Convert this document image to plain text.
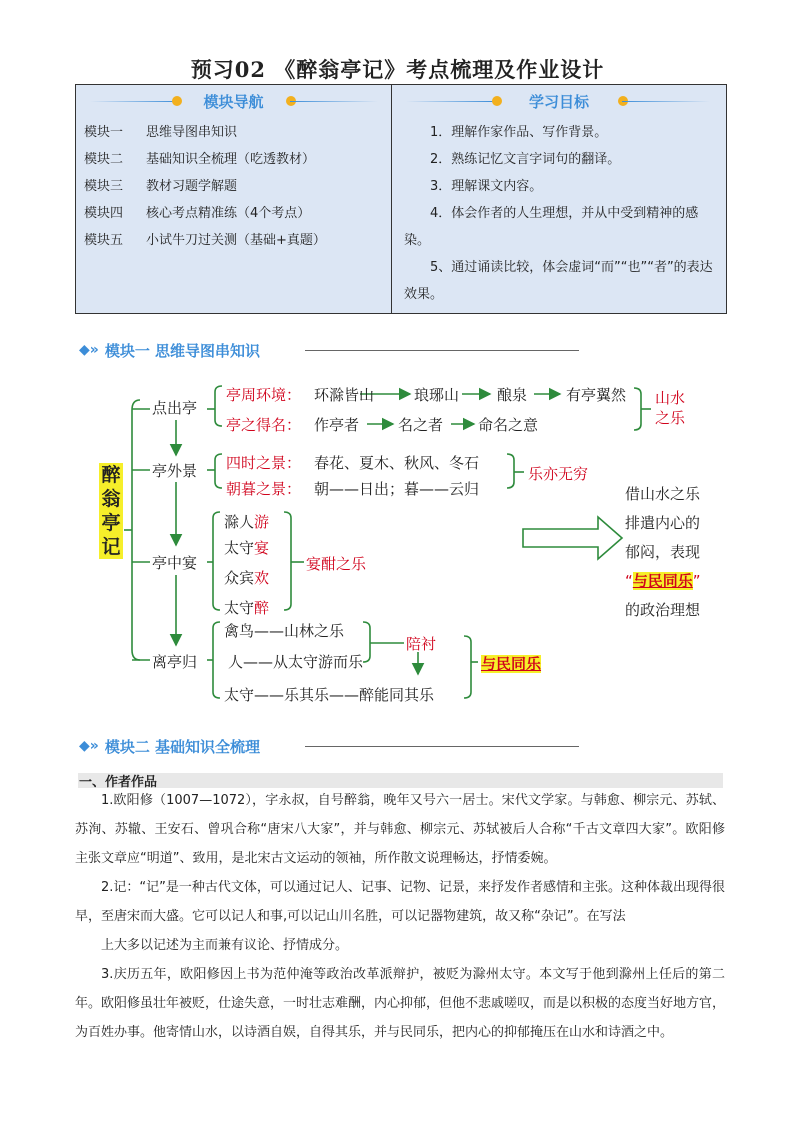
预习02 《醉翁亭记》考点梳理及作业设计
模块导航
模块一	思维导图串知识
模块二	基础知识全梳理（吃透教材）
模块三	教材习题学解题
模块四	核心考点精准练（4个考点）
模块五	小试牛刀过关测（基础+真题）
学习目标

1．理解作家作品、写作背景。

2．熟练记忆文言字词句的翻译。

3．理解课文内容。

4．体会作者的人生理想，并从中受到精神的感染。

5、通过诵读比较，体会虚词“而”“也”“者”的表达效果。

◆» 模块一 思维导图串知识
醉
翁
亭
记
点出亭
亭周环境： 环滁皆山	琅琊山	酿泉	有亭翼然
亭之得名： 作亭者	名之者 命名之意
山水
之乐
亭外景 四时之景： 春花、夏木、秋风、冬石
朝暮之景： 朝——日出；暮——云归
乐亦无穷
亭中宴
滁人游
太守宴
众宾欢
太守醉
宴酣之乐
离亭归
禽鸟——山林之乐
人——从太守游而乐
太守——乐其乐——醉能同其乐
陪衬
与民同乐
借山水之乐
排遣内心的
郁闷，表现
“与民同乐”
的政治理想
◆» 模块二 基础知识全梳理
一、作者作品

1.欧阳修（1007—1072），字永叔，自号醉翁，晚年又号六一居士。宋代文学家。与韩愈、柳宗元、苏轼、苏洵、苏辙、王安石、曾巩合称“唐宋八大家”，并与韩愈、柳宗元、苏轼被后人合称“千古文章四大家”。欧阳修主张文章应“明道”、致用，是北宋古文运动的领袖，所作散文说理畅达，抒情委婉。

2.记：“记”是一种古代文体，可以通过记人、记事、记物、记景，来抒发作者感情和主张。这种体裁出现得很早，至唐宋而大盛。它可以记人和事,可以记山川名胜，可以记器物建筑，故又称“杂记”。在写法

上大多以记述为主而兼有议论、抒情成分。

3.庆历五年，欧阳修因上书为范仲淹等政治改革派辩护，被贬为滁州太守。本文写于他到滁州上任后的第二年。欧阳修虽壮年被贬，仕途失意，一时壮志难酬，内心抑郁，但他不悲戚嗟叹，而是以积极的态度当好地方官，为百姓办事。他寄情山水，以诗酒自娱，自得其乐，并与民同乐，把内心的抑郁掩压在山水和诗酒之中。
